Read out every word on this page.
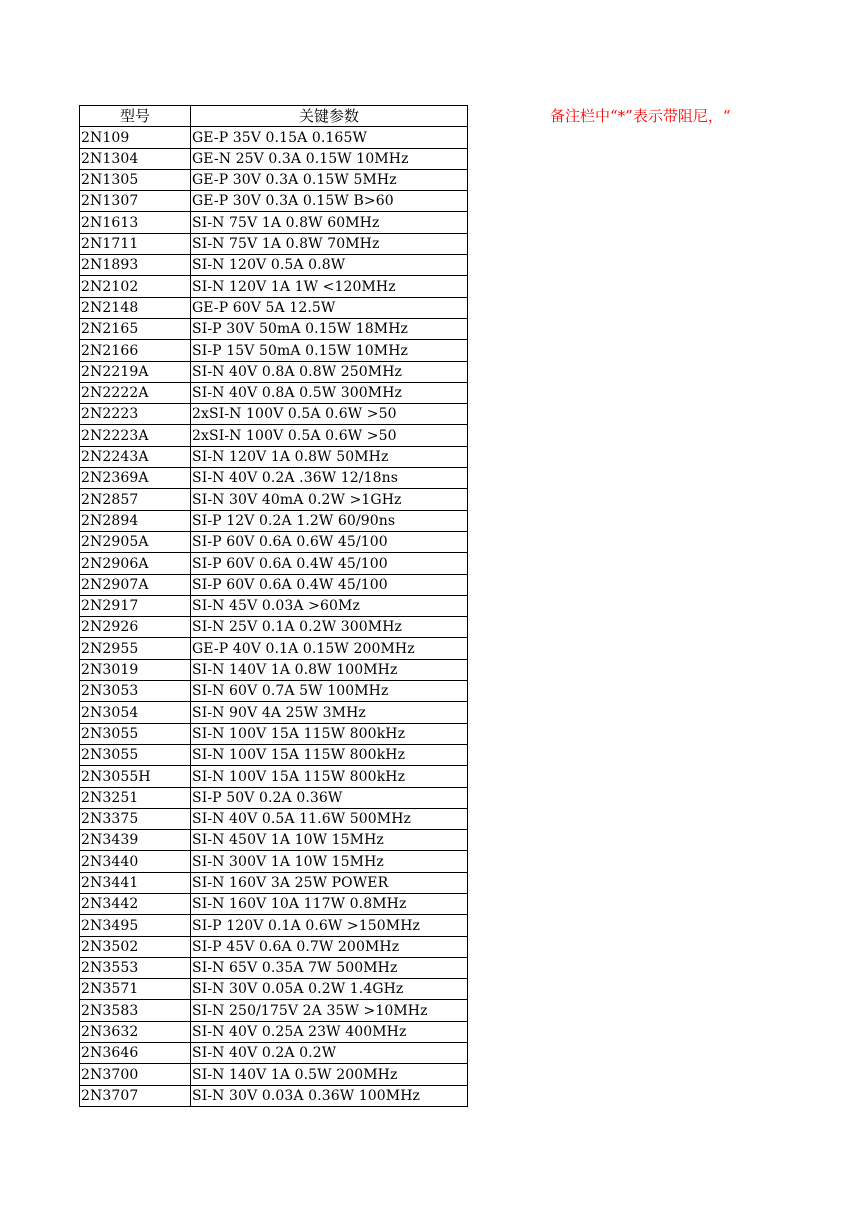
型号	关键参数
2N109	GE-P 35V 0.15A 0.165W
2N1304	GE-N 25V 0.3A 0.15W 10MHz
2N1305	GE-P 30V 0.3A 0.15W 5MHz
2N1307	GE-P 30V 0.3A 0.15W B>60
2N1613	SI-N 75V 1A 0.8W 60MHz
2N1711	SI-N 75V 1A 0.8W 70MHz
2N1893	SI-N 120V 0.5A 0.8W
2N2102	SI-N 120V 1A 1W <120MHz
2N2148	GE-P 60V 5A 12.5W
2N2165	SI-P 30V 50mA 0.15W 18MHz
2N2166	SI-P 15V 50mA 0.15W 10MHz
2N2219A	SI-N 40V 0.8A 0.8W 250MHz
2N2222A	SI-N 40V 0.8A 0.5W 300MHz
2N2223	2xSI-N 100V 0.5A 0.6W >50
2N2223A	2xSI-N 100V 0.5A 0.6W >50
2N2243A	SI-N 120V 1A 0.8W 50MHz
2N2369A	SI-N 40V 0.2A .36W 12/18ns
2N2857	SI-N 30V 40mA 0.2W >1GHz
2N2894	SI-P 12V 0.2A 1.2W 60/90ns
2N2905A	SI-P 60V 0.6A 0.6W 45/100
2N2906A	SI-P 60V 0.6A 0.4W 45/100
2N2907A	SI-P 60V 0.6A 0.4W 45/100
2N2917	SI-N 45V 0.03A >60Mz
2N2926	SI-N 25V 0.1A 0.2W 300MHz
2N2955	GE-P 40V 0.1A 0.15W 200MHz
2N3019	SI-N 140V 1A 0.8W 100MHz
2N3053	SI-N 60V 0.7A 5W 100MHz
2N3054	SI-N 90V 4A 25W 3MHz
2N3055	SI-N 100V 15A 115W 800kHz
2N3055	SI-N 100V 15A 115W 800kHz
2N3055H	SI-N 100V 15A 115W 800kHz
2N3251	SI-P 50V 0.2A 0.36W
2N3375	SI-N 40V 0.5A 11.6W 500MHz
2N3439	SI-N 450V 1A 10W 15MHz
2N3440	SI-N 300V 1A 10W 15MHz
2N3441	SI-N 160V 3A 25W POWER
2N3442	SI-N 160V 10A 117W 0.8MHz
2N3495	SI-P 120V 0.1A 0.6W >150MHz
2N3502	SI-P 45V 0.6A 0.7W 200MHz
2N3553	SI-N 65V 0.35A 7W 500MHz
2N3571	SI-N 30V 0.05A 0.2W 1.4GHz
2N3583	SI-N 250/175V 2A 35W >10MHz
2N3632	SI-N 40V 0.25A 23W 400MHz
2N3646	SI-N 40V 0.2A 0.2W
2N3700	SI-N 140V 1A 0.5W 200MHz
2N3707	SI-N 30V 0.03A 0.36W 100MHz
备注栏中“*”表示带阻尼，“
